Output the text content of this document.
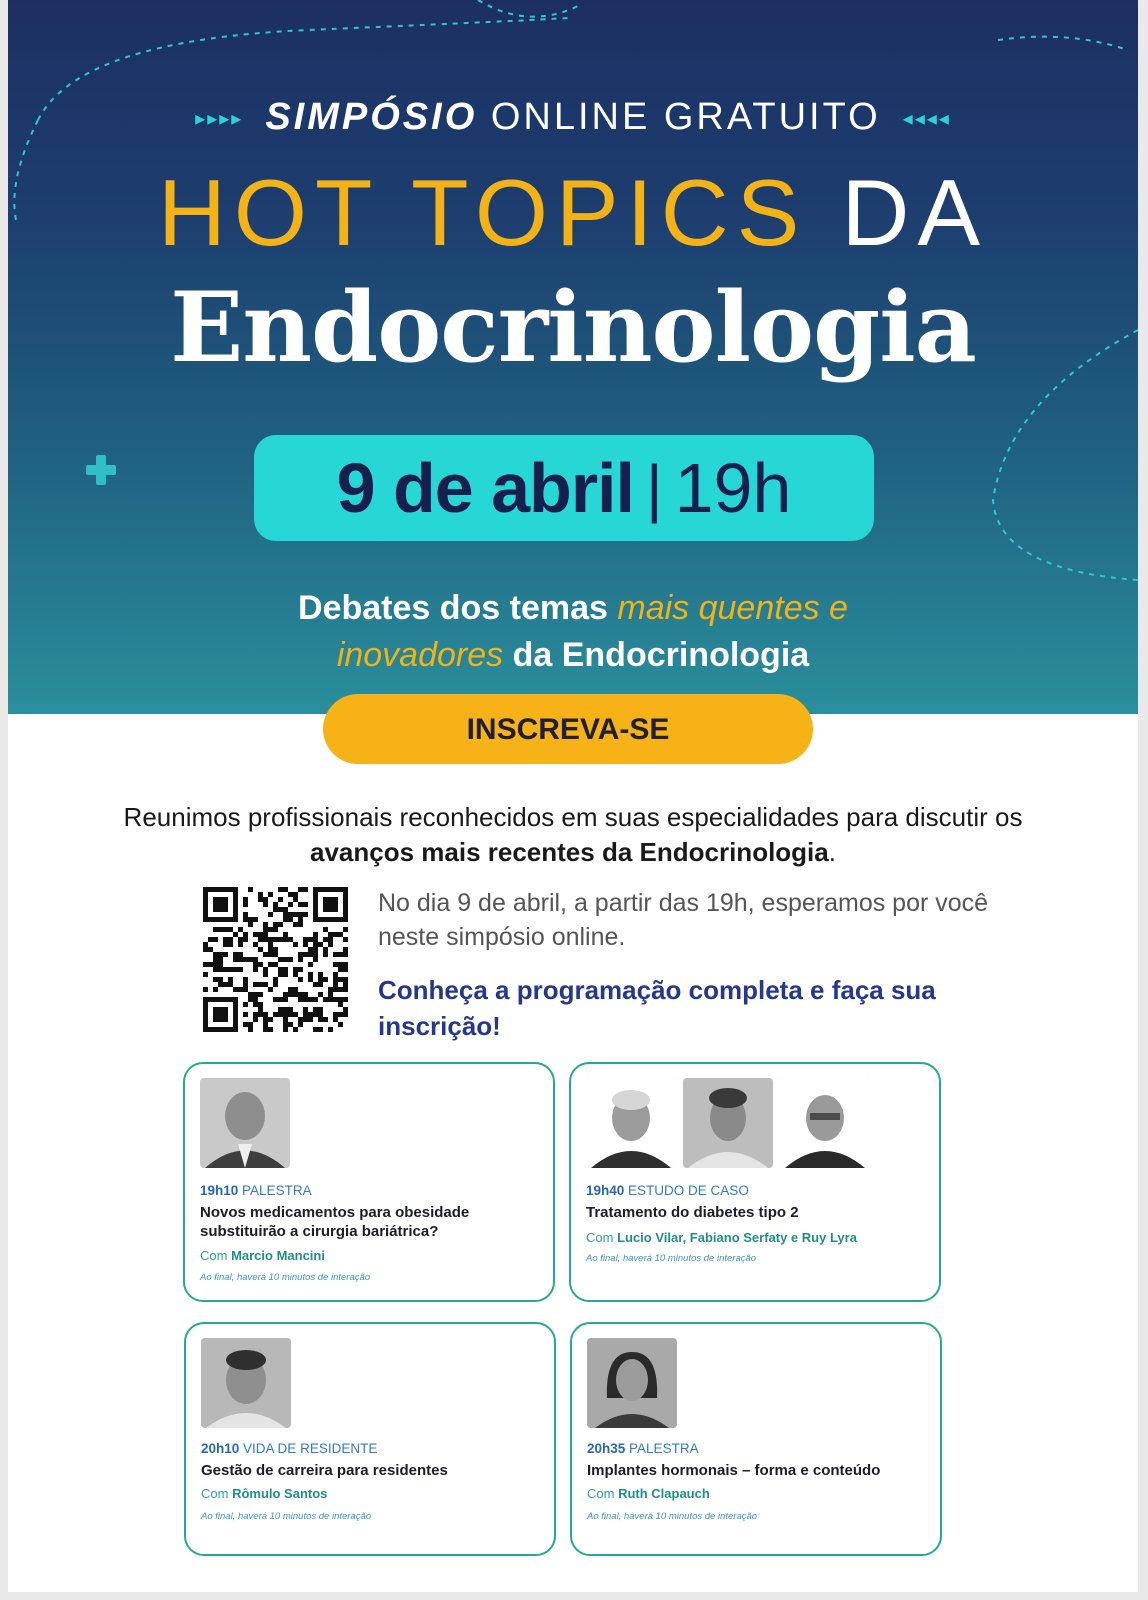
▸▸▸▸ SIMPÓSIO ONLINE GRATUITO ◂◂◂◂
HOT TOPICS DA
Endocrinologia
9 de abril | 19h
Debates dos temas mais quentes e
inovadores da Endocrinologia
INSCREVA-SE
Reunimos profissionais reconhecidos em suas especialidades para discutir os avanços mais recentes da Endocrinologia.
No dia 9 de abril, a partir das 19h, esperamos por você neste simpósio online.
Conheça a programação completa e faça sua inscrição!
19h10 PALESTRA
Novos medicamentos para obesidade substituirão a cirurgia bariátrica?
Com Marcio Mancini
Ao final, haverá 10 minutos de interação
19h40 ESTUDO DE CASO
Tratamento do diabetes tipo 2
Com Lucio Vilar, Fabiano Serfaty e Ruy Lyra
Ao final, haverá 10 minutos de interação
20h10 VIDA DE RESIDENTE
Gestão de carreira para residentes
Com Rômulo Santos
Ao final, haverá 10 minutos de interação
20h35 PALESTRA
Implantes hormonais – forma e conteúdo
Com Ruth Clapauch
Ao final, haverá 10 minutos de interação
